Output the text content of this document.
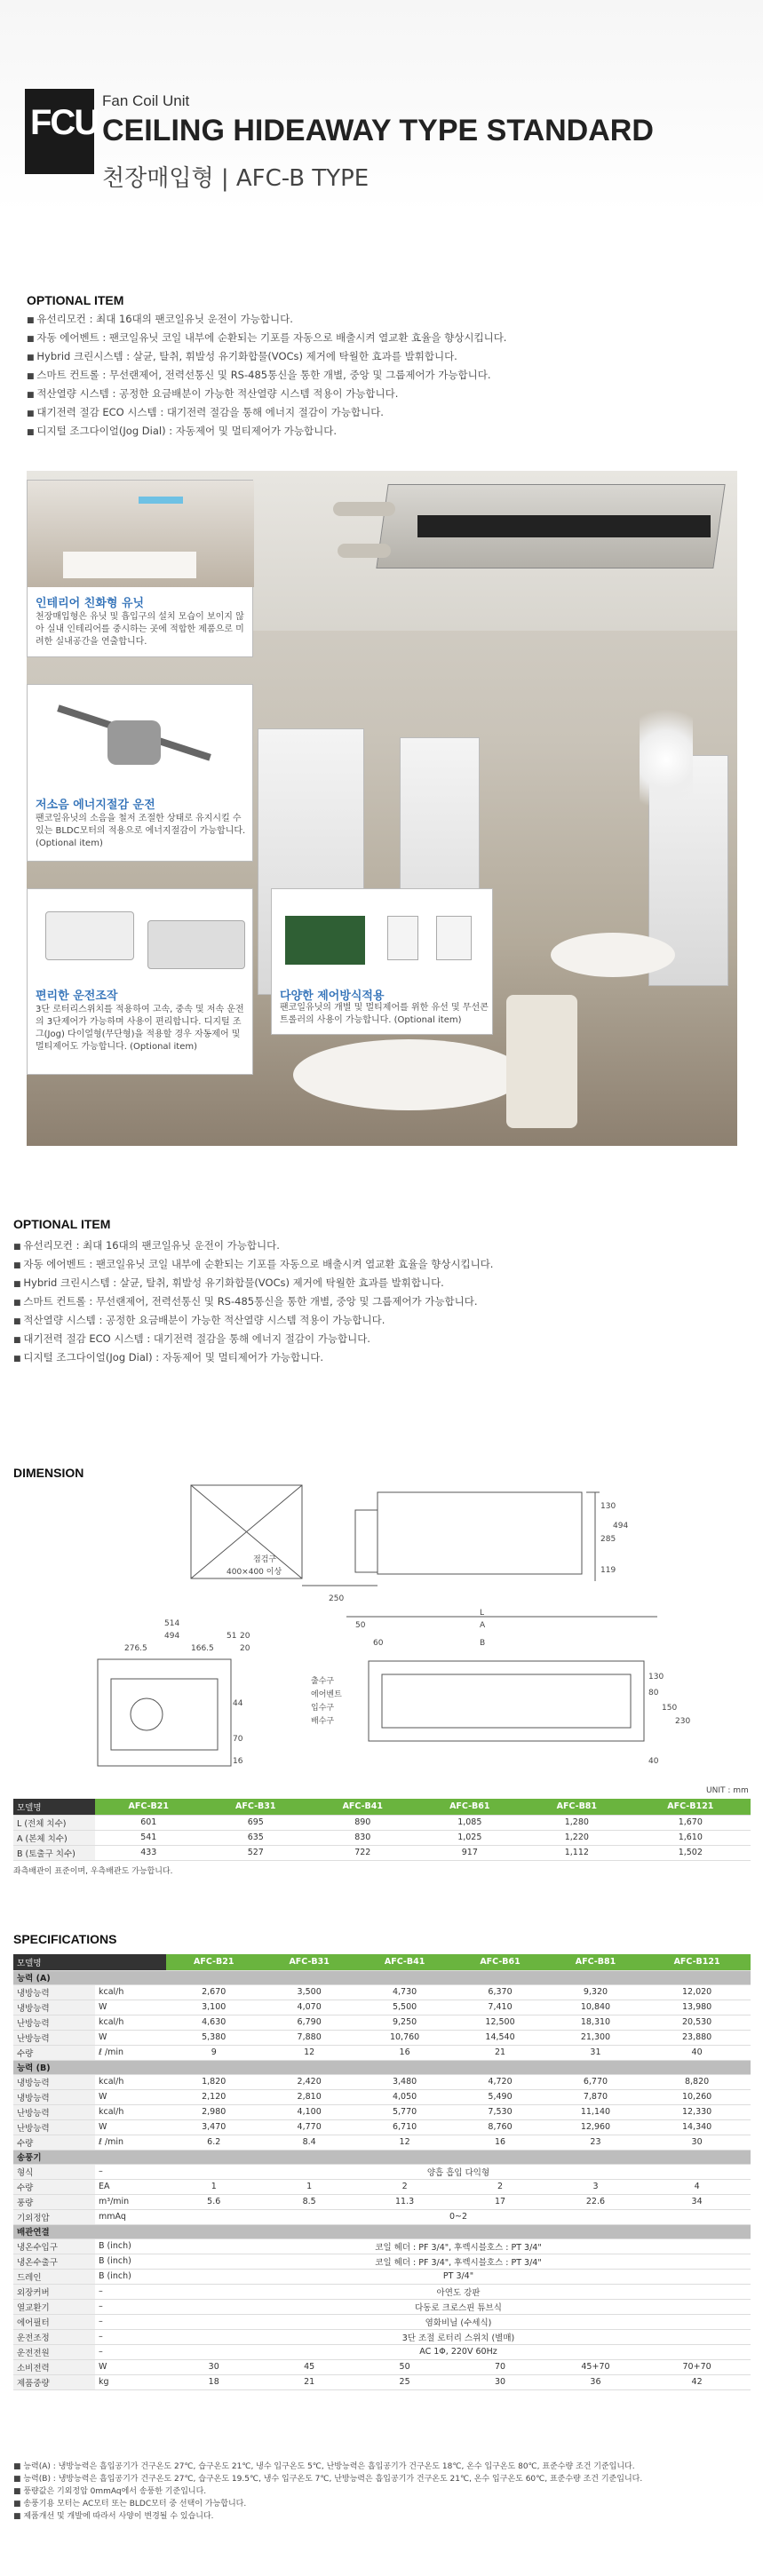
FCU
Fan Coil Unit
CEILING HIDEAWAY TYPE STANDARD
천장매입형 | AFC-B TYPE
OPTIONAL ITEM
■ 유선리모컨 : 최대 16대의 팬코일유닛 운전이 가능합니다.
■ 자동 에어벤트 : 팬코일유닛 코일 내부에 순환되는 기포를 자동으로 배출시켜 열교환 효율을 향상시킵니다.
■ Hybrid 크린시스템 : 살균, 탈취, 휘발성 유기화합물(VOCs) 제거에 탁월한 효과를 발휘합니다.
■ 스마트 컨트롤 : 무선랜제어, 전력선통신 및 RS-485통신을 통한 개별, 중앙 및 그룹제어가 가능합니다.
■ 적산열량 시스템 : 공정한 요금배분이 가능한 적산열량 시스템 적용이 가능합니다.
■ 대기전력 절감 ECO 시스템 : 대기전력 절감을 통해 에너지 절감이 가능합니다.
■ 디지털 조그다이얼(Jog Dial) : 자동제어 및 멀티제어가 가능합니다.
인테리어 친화형 유닛
천장매입형은 유닛 및 흡입구의 설치 모습이 보이지 않아 실내 인테리어를 중시하는 곳에 적합한 제품으로 미려한 실내공간을 연출합니다.
저소음 에너지절감 운전
팬코일유닛의 소음을 철저 조절한 상태로 유지시킬 수 있는 BLDC모터의 적용으로 에너지절감이 가능합니다. (Optional item)
편리한 운전조작
3단 로터리스위치를 적용하여 고속, 중속 및 저속 운전의 3단제어가 가능하며 사용이 편리합니다. 디지털 조그(Jog) 다이얼형(무단형)을 적용할 경우 자동제어 및 멀티제어도 가능합니다. (Optional item)
다양한 제어방식적용
팬코일유닛의 개별 및 멀티제어를 위한 유선 및 무선콘트롤러의 사용이 가능합니다. (Optional item)
OPTIONAL ITEM
■ 유선리모컨 : 최대 16대의 팬코일유닛 운전이 가능합니다.
■ 자동 에어벤트 : 팬코일유닛 코일 내부에 순환되는 기포를 자동으로 배출시켜 열교환 효율을 향상시킵니다.
■ Hybrid 크린시스템 : 살균, 탈취, 휘발성 유기화합물(VOCs) 제거에 탁월한 효과를 발휘합니다.
■ 스마트 컨트롤 : 무선랜제어, 전력선통신 및 RS-485통신을 통한 개별, 중앙 및 그룹제어가 가능합니다.
■ 적산열량 시스템 : 공정한 요금배분이 가능한 적산열량 시스템 적용이 가능합니다.
■ 대기전력 절감 ECO 시스템 : 대기전력 절감을 통해 에너지 절감이 가능합니다.
■ 디지털 조그다이얼(Jog Dial) : 자동제어 및 멀티제어가 가능합니다.
DIMENSION
점검구
400×400 이상
130
285
494
119
250
514
494
276.5	166.5
51 20
20
44
70
16
L
A
B
50
60
출수구
에어벤트
입수구
배수구
130
80
150
230
40
UNIT : mm
모델명	AFC-B21	AFC-B31	AFC-B41	AFC-B61	AFC-B81	AFC-B121
L (전체 치수)	601	695	890	1,085	1,280	1,670
A (본체 치수)	541	635	830	1,025	1,220	1,610
B (토출구 치수)	433	527	722	917	1,112	1,502
좌측배관이 표준이며, 우측배관도 가능합니다.
SPECIFICATIONS
모델명		AFC-B21	AFC-B31	AFC-B41	AFC-B61	AFC-B81	AFC-B121
능력 (A)							
냉방능력	kcal/h	2,670	3,500	4,730	6,370	9,320	12,020
냉방능력	W	3,100	4,070	5,500	7,410	10,840	13,980
난방능력	kcal/h	4,630	6,790	9,250	12,500	18,310	20,530
난방능력	W	5,380	7,880	10,760	14,540	21,300	23,880
수량	ℓ /min	9	12	16	21	31	40
능력 (B)							
냉방능력	kcal/h	1,820	2,420	3,480	4,720	6,770	8,820
냉방능력	W	2,120	2,810	4,050	5,490	7,870	10,260
난방능력	kcal/h	2,980	4,100	5,770	7,530	11,140	12,330
난방능력	W	3,470	4,770	6,710	8,760	12,960	14,340
수량	ℓ /min	6.2	8.4	12	16	23	30
송풍기							
형식	–	양흡 흡입 다익형					
수량	EA	1	1	2	2	3	4
풍량	m³/min	5.6	8.5	11.3	17	22.6	34
기외정압	mmAq	0~2					
배관연결							
냉온수입구	B (inch)	코일 헤더 : PF 3/4", 후렉시블호스 : PT 3/4"					
냉온수출구	B (inch)	코일 헤더 : PF 3/4", 후렉시블호스 : PT 3/4"					
드레인	B (inch)	PT 3/4"					
외장커버	–	아연도 강판					
열교환기	–	다동로 크로스핀 튜브식					
에어필터	–	염화비닐 (수세식)					
운전조정	–	3단 조절 로터리 스위치 (별매)					
운전전원	–	AC 1Φ, 220V 60Hz					
소비전력	W	30	45	50	70	45+70	70+70
제품중량	kg	18	21	25	30	36	42
■ 능력(A) : 냉방능력은 흡입공기가 건구온도 27℃, 습구온도 21℃, 냉수 입구온도 5℃, 난방능력은 흡입공기가 건구온도 18℃, 온수 입구온도 80℃, 표준수량 조건 기준입니다.
■ 능력(B) : 냉방능력은 흡입공기가 건구온도 27℃, 습구온도 19.5℃, 냉수 입구온도 7℃, 난방능력은 흡입공기가 건구온도 21℃, 온수 입구온도 60℃, 표준수량 조건 기준입니다.
■ 풍량값은 기외정압 0mmAq에서 송풍한 기준입니다.
■ 송풍기용 모터는 AC모터 또는 BLDC모터 중 선택이 가능합니다.
■ 제품개선 및 개발에 따라서 사양이 변경될 수 있습니다.
